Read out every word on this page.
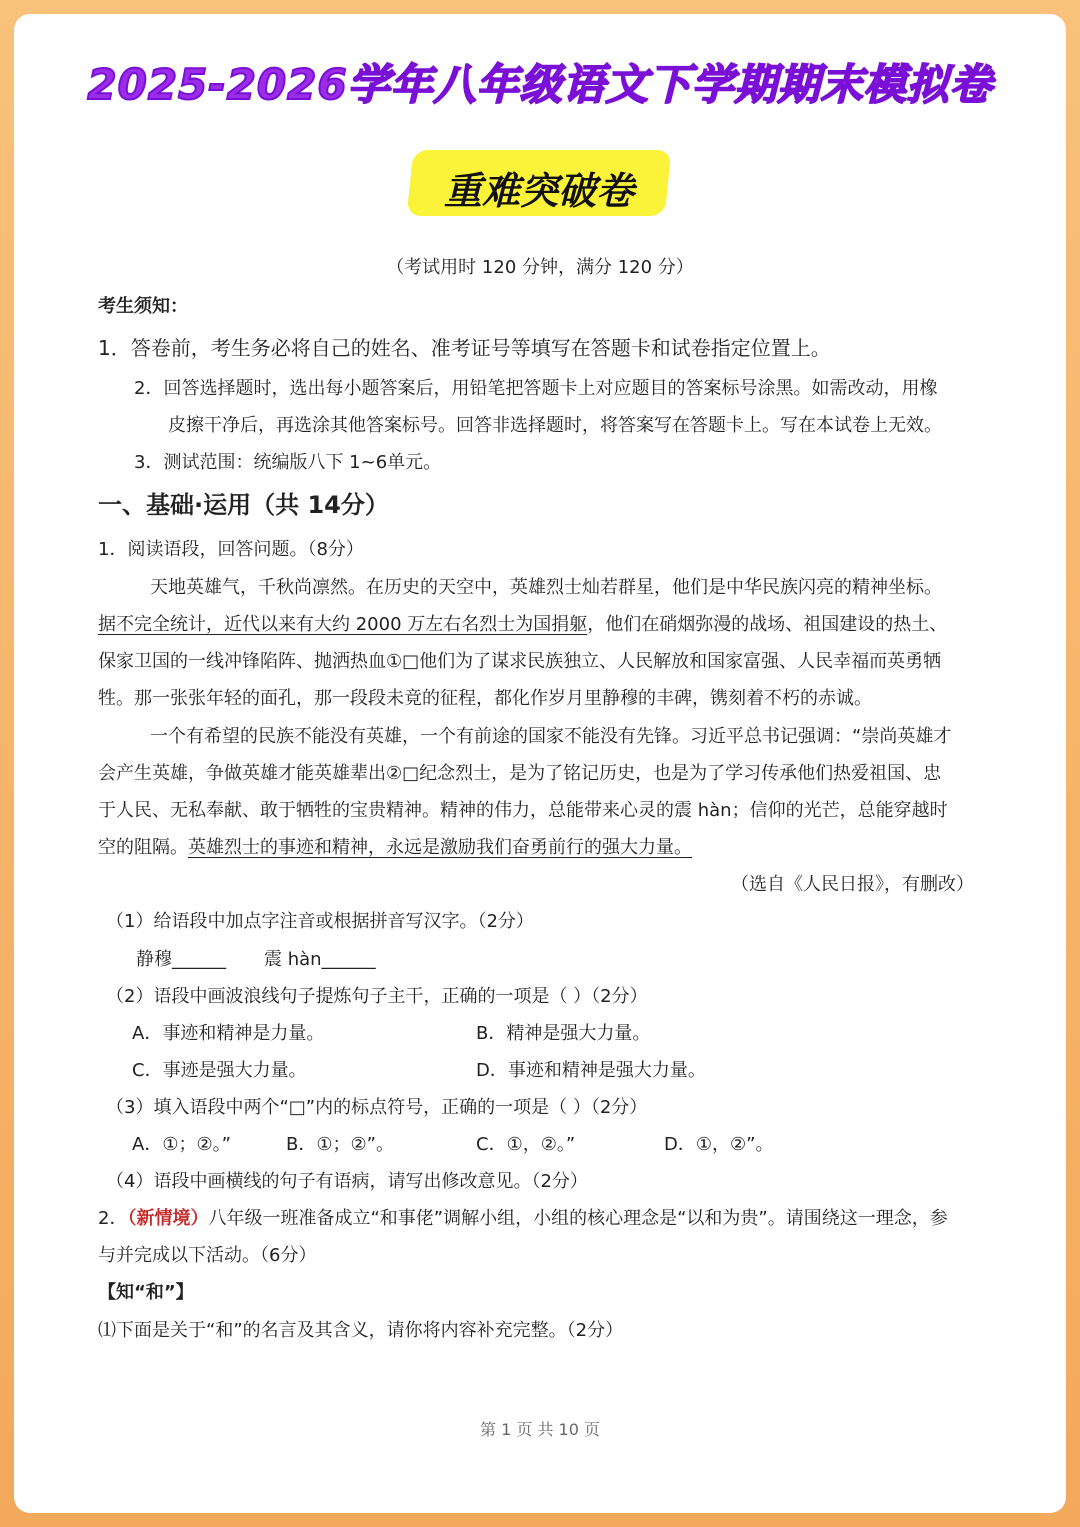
2025-2026学年八年级语文下学期期末模拟卷
重难突破卷
（考试用时 120 分钟，满分 120 分）
考生须知：
1．答卷前，考生务必将自己的姓名、准考证号等填写在答题卡和试卷指定位置上。
2．回答选择题时，选出每小题答案后，用铅笔把答题卡上对应题目的答案标号涂黑。如需改动，用橡
皮擦干净后，再选涂其他答案标号。回答非选择题时，将答案写在答题卡上。写在本试卷上无效。
3．测试范围：统编版八下 1~6单元。
一、基础·运用（共 14分）
1．阅读语段，回答问题。（8分）
天地英雄气，千秋尚凛然。在历史的天空中，英雄烈士灿若群星，他们是中华民族闪亮的精神坐标。
据不完全统计，近代以来有大约 2000 万左右名烈士为国捐躯，他们在硝烟弥漫的战场、祖国建设的热土、
保家卫国的一线冲锋陷阵、抛洒热血①□他们为了谋求民族独立、人民解放和国家富强、人民幸福而英勇牺
牲。那一张张年轻的面孔，那一段段未竟的征程，都化作岁月里静穆的丰碑，镌刻着不朽的赤诚。
一个有希望的民族不能没有英雄，一个有前途的国家不能没有先锋。习近平总书记强调：“崇尚英雄才
会产生英雄，争做英雄才能英雄辈出②□纪念烈士，是为了铭记历史，也是为了学习传承他们热爱祖国、忠
于人民、无私奉献、敢于牺牲的宝贵精神。精神的伟力，总能带来心灵的震 hàn；信仰的光芒，总能穿越时
空的阻隔。英雄烈士的事迹和精神，永远是激励我们奋勇前行的强大力量。
（选自《人民日报》，有删改）
（1）给语段中加点字注音或根据拼音写汉字。（2分）
静穆______ 震 hàn______
（2）语段中画波浪线句子提炼句子主干，正确的一项是（ ）（2分）
A．事迹和精神是力量。	B．精神是强大力量。
C．事迹是强大力量。	D．事迹和精神是强大力量。
（3）填入语段中两个“□”内的标点符号，正确的一项是（ ）（2分）
A．①；②。”	B．①；②”。	C．①，②。”	D．①，②”。
（4）语段中画横线的句子有语病，请写出修改意见。（2分）
2．（新情境）八年级一班准备成立“和事佬”调解小组，小组的核心理念是“以和为贵”。请围绕这一理念，参
与并完成以下活动。（6分）
【知“和”】
⑴下面是关于“和”的名言及其含义，请你将内容补充完整。（2分）
第 1 页 共 10 页
